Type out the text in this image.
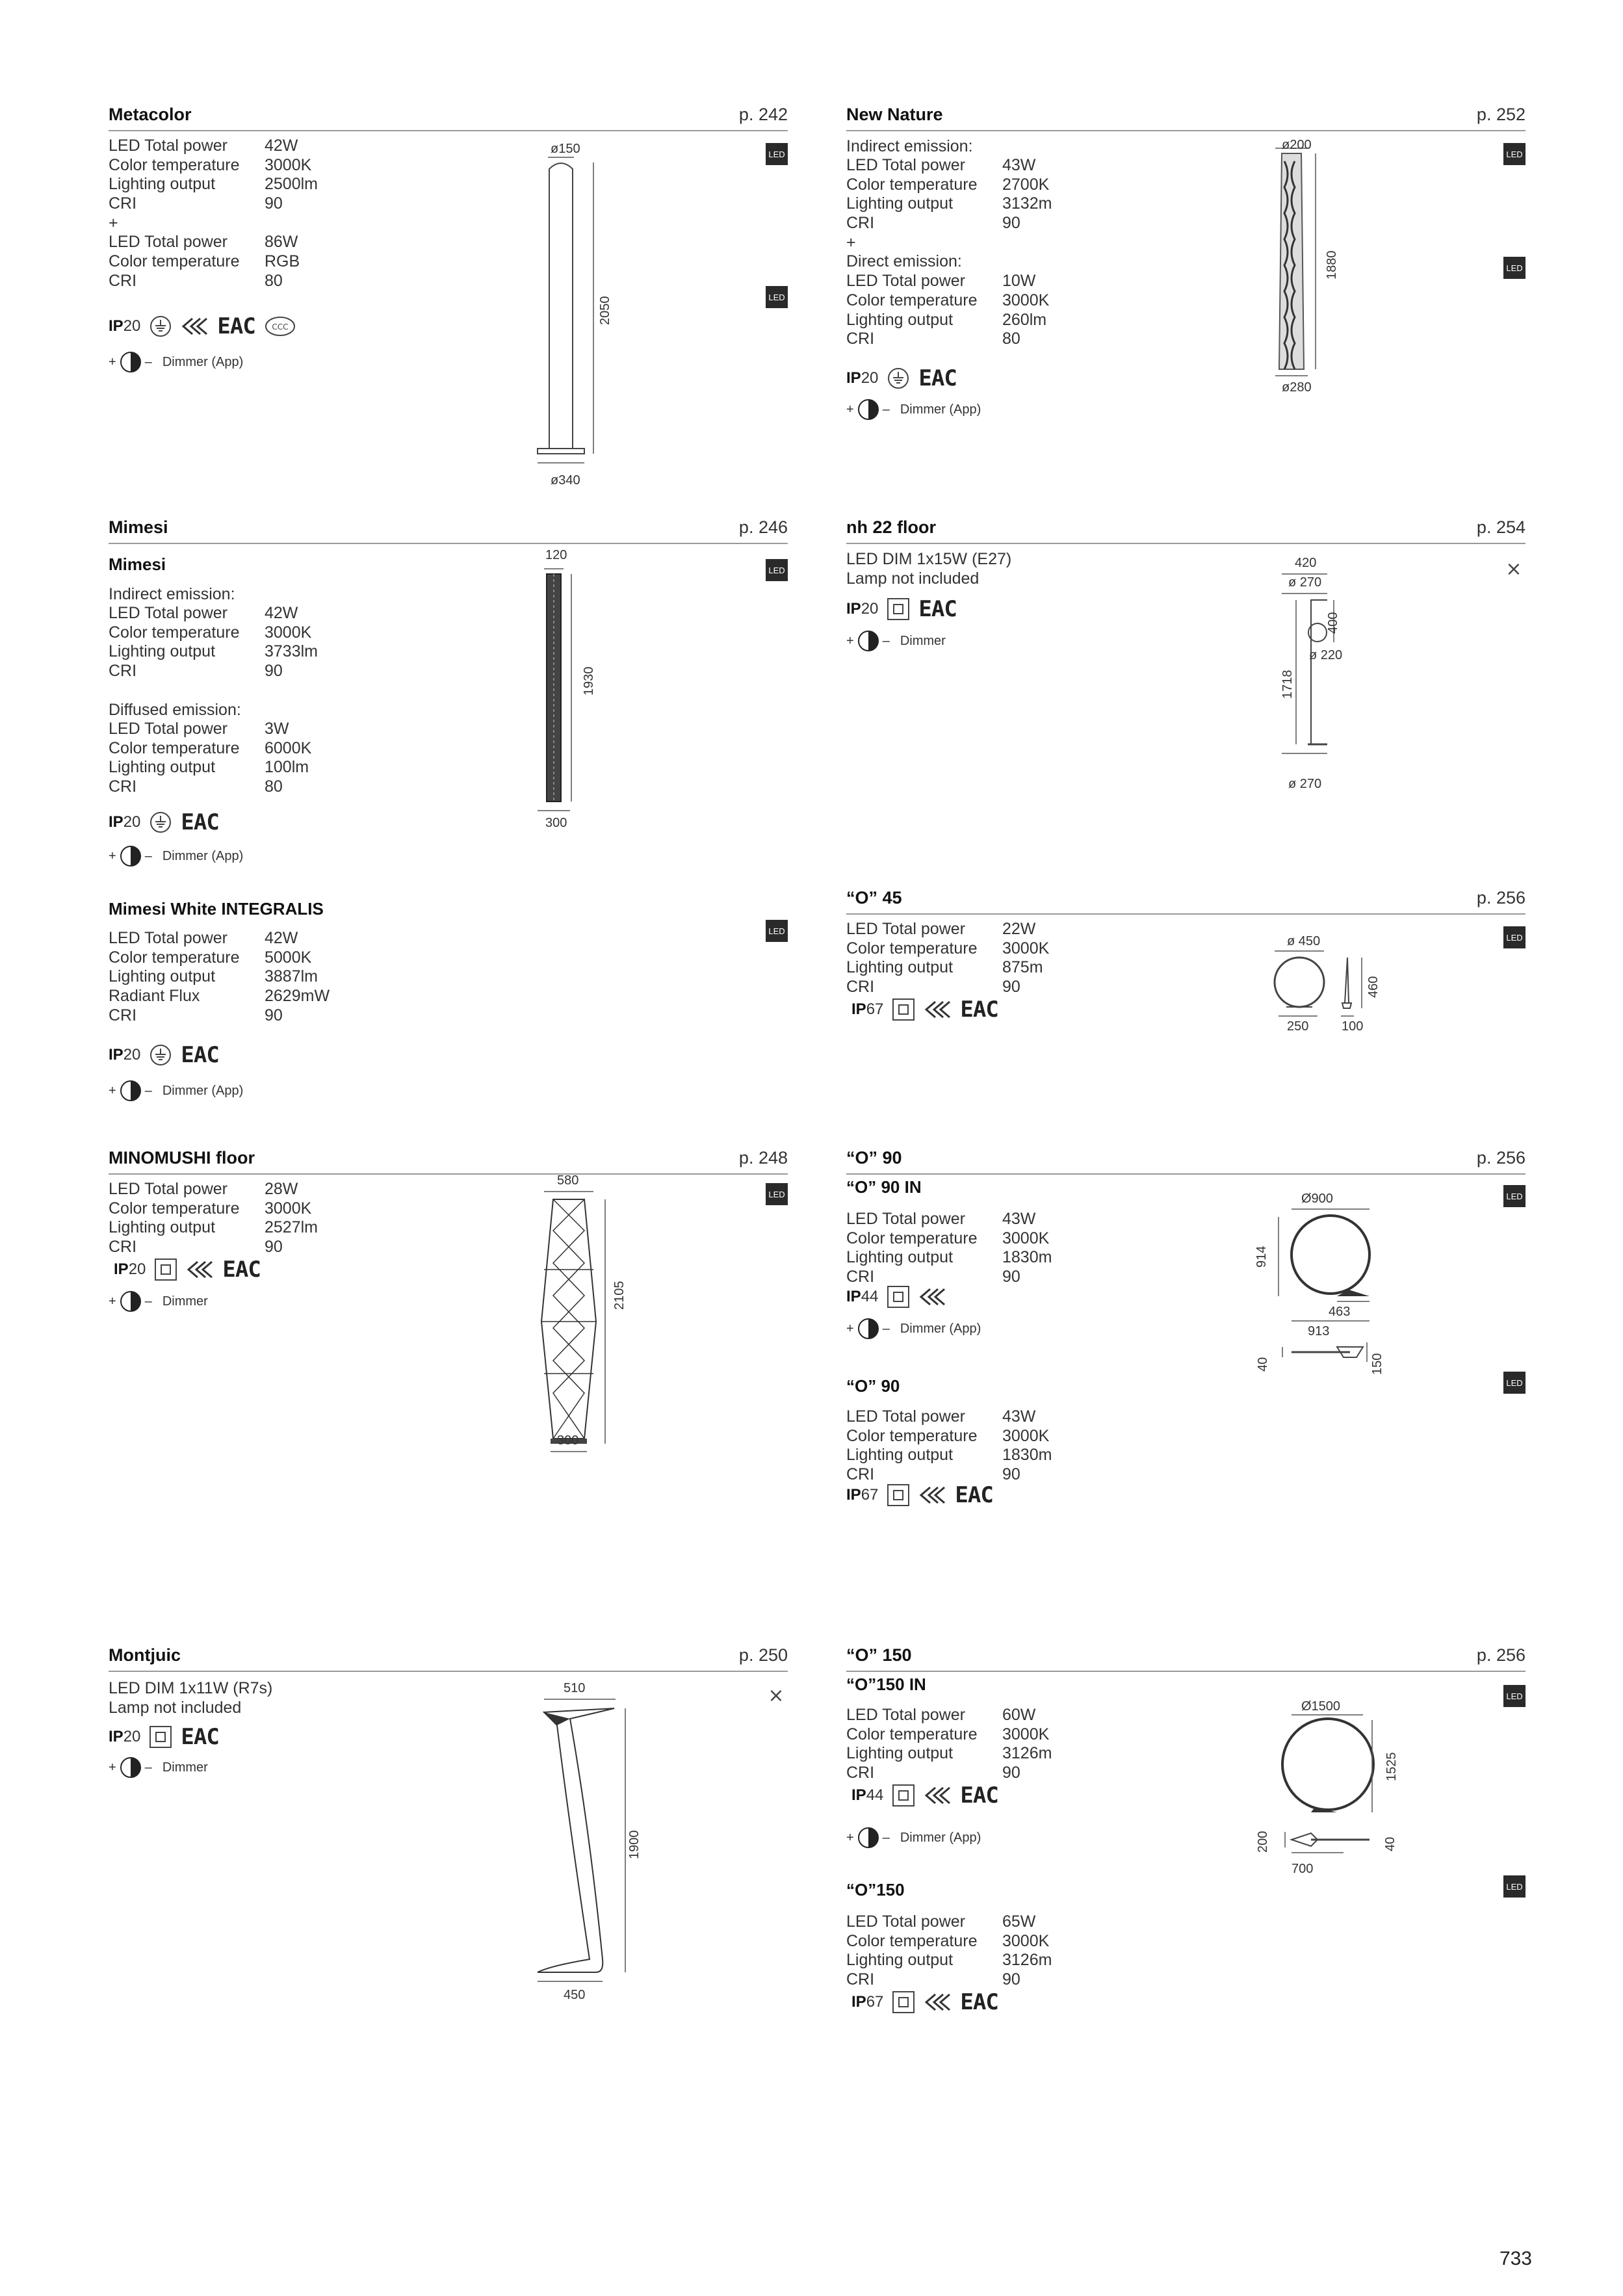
Metacolor	p. 242
LED Total power 42W
Color temperature 3000K
Lighting output	2500lm
CRI	90
+
LED Total power 86W
Color temperature RGB
CRI	80
IP20	EAC CCC
+ – Dimmer (App)
LED
LED
ø150
2050
ø340
New Nature	p. 252
Indirect emission:
LED Total power 43W
Color temperature 2700K
Lighting output	3132m
CRI	90
+
Direct emission:
LED Total power 10W
Color temperature 3000K
Lighting output	260lm
CRI	80
IP20 EAC
+ – Dimmer (App)
LED
LED
ø200
1880
ø280
Mimesi	p. 246
Mimesi
Indirect emission:
LED Total power 42W
Color temperature 3000K
Lighting output	3733lm
CRI	90
Diffused emission:
LED Total power 3W
Color temperature 6000K
Lighting output	100lm
CRI	80
IP20 EAC
+ – Dimmer (App)
LED
120
1930
300
Mimesi White INTEGRALIS
LED Total power 42W
Color temperature 5000K
Lighting output	3887lm
Radiant Flux	2629mW
CRI	90
IP20 EAC
+ – Dimmer (App)
LED
nh 22 floor	p. 254
LED DIM 1x15W (E27)
Lamp not included
IP20 EAC
+ – Dimmer
⨯
420
ø 270
400
ø 220
1718
ø 270
“O” 45	p. 256
LED Total power 22W
Color temperature 3000K
Lighting output	875m
CRI	90
IP67	EAC
LED
ø 450
250	100
460
MINOMUSHI floor	p. 248
LED Total power 28W
Color temperature 3000K
Lighting output	2527lm
CRI	90
IP20	EAC
+ – Dimmer
LED
580
2105
300
“O” 90	p. 256
“O” 90 IN
LED Total power 43W
Color temperature 3000K
Lighting output	1830m
CRI	90
IP44
+ – Dimmer (App)
“O” 90
LED Total power 43W
Color temperature 3000K
Lighting output	1830m
CRI	90
IP67	EAC
LED
LED
Ø900
914
463
913
40	150
Montjuic	p. 250
LED DIM 1x11W (R7s)
Lamp not included
IP20 EAC
+ – Dimmer
⨯
510
1900
450
“O” 150	p. 256
“O”150 IN
LED Total power 60W
Color temperature 3000K
Lighting output	3126m
CRI	90
IP44	EAC
+ – Dimmer (App)
“O”150
LED Total power 65W
Color temperature 3000K
Lighting output	3126m
CRI	90
IP67	EAC
LED
LED
Ø1500
1525
200
700
40
733
